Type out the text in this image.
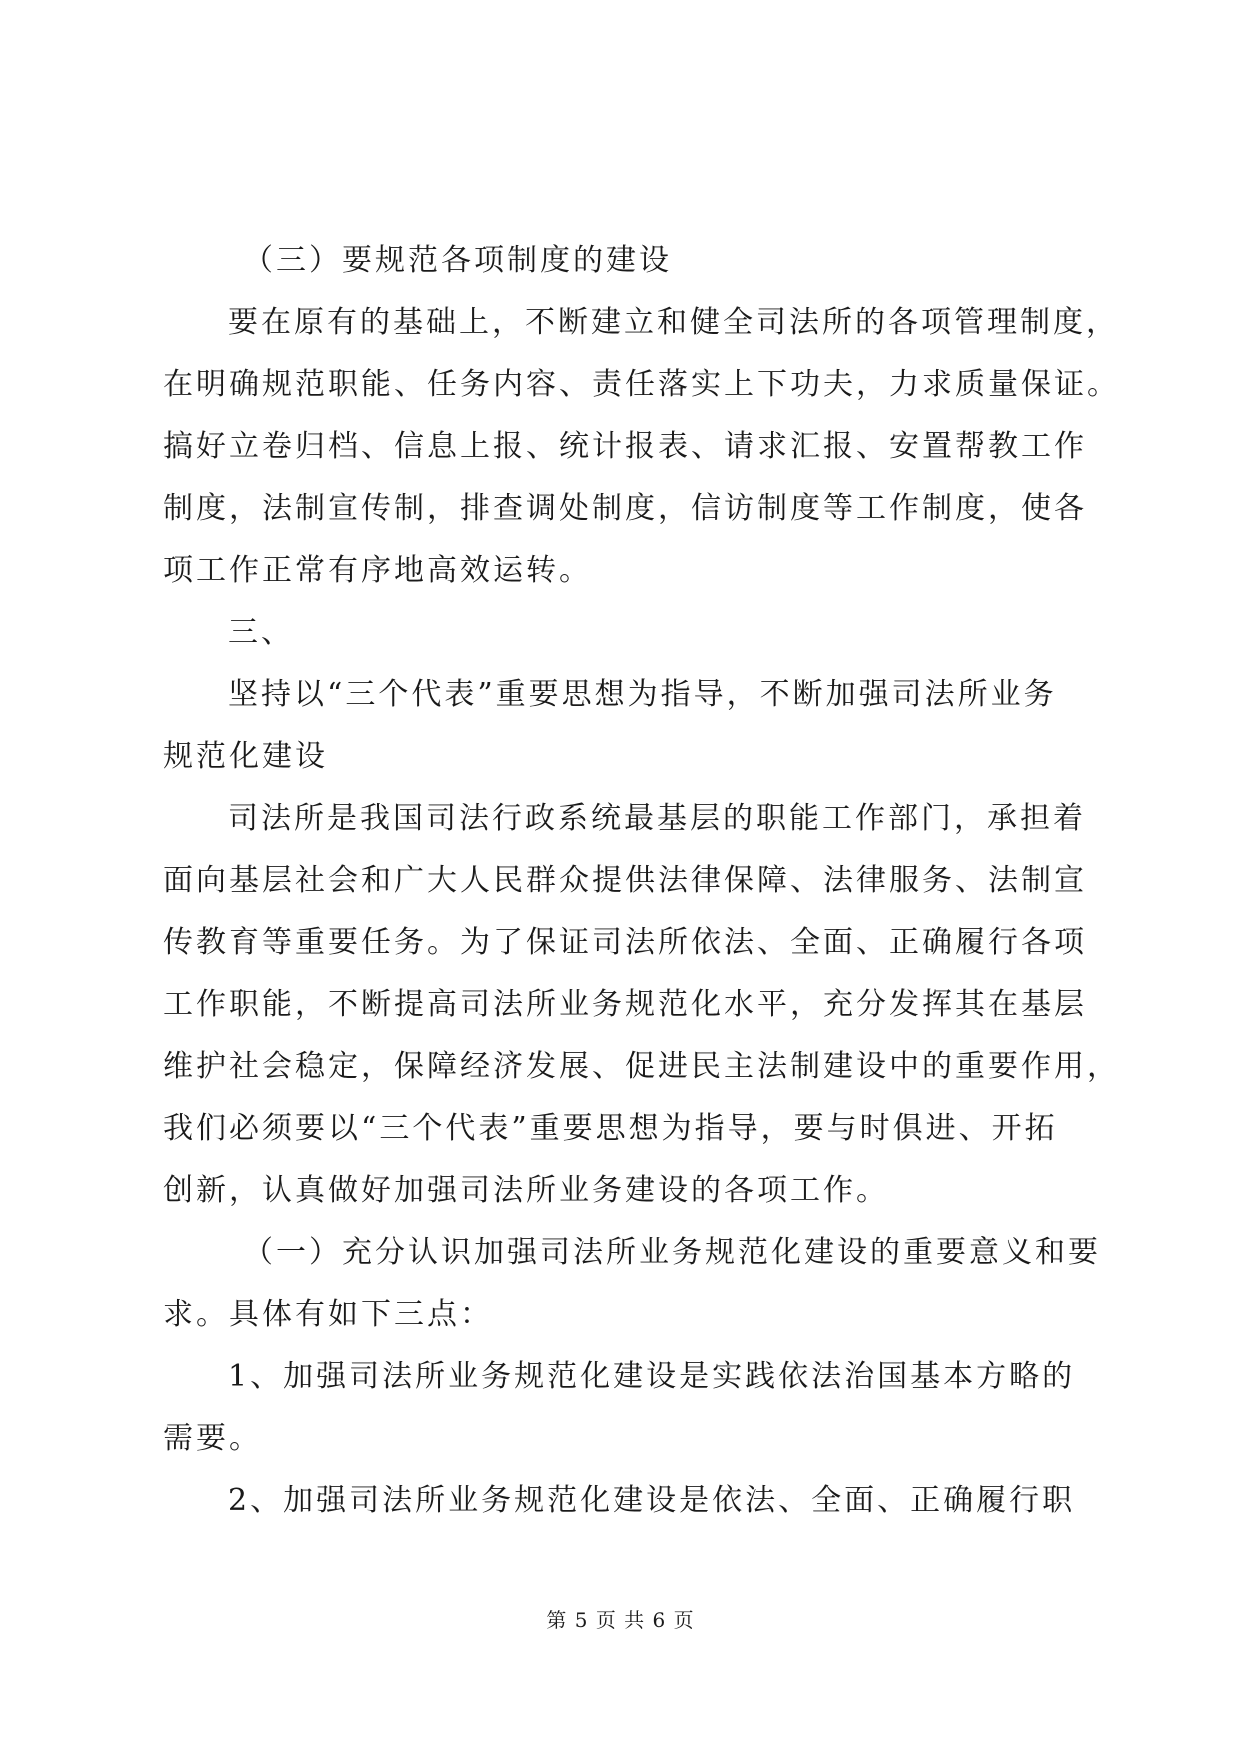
（三）要规范各项制度的建设
要在原有的基础上，不断建立和健全司法所的各项管理制度，
在明确规范职能、任务内容、责任落实上下功夫，力求质量保证。
搞好立卷归档、信息上报、统计报表、请求汇报、安置帮教工作
制度，法制宣传制，排查调处制度，信访制度等工作制度，使各
项工作正常有序地高效运转。
三、
坚持以“三个代表”重要思想为指导，不断加强司法所业务
规范化建设
司法所是我国司法行政系统最基层的职能工作部门，承担着
面向基层社会和广大人民群众提供法律保障、法律服务、法制宣
传教育等重要任务。为了保证司法所依法、全面、正确履行各项
工作职能，不断提高司法所业务规范化水平，充分发挥其在基层
维护社会稳定，保障经济发展、促进民主法制建设中的重要作用，
我们必须要以“三个代表”重要思想为指导，要与时俱进、开拓
创新，认真做好加强司法所业务建设的各项工作。
（一）充分认识加强司法所业务规范化建设的重要意义和要
求。具体有如下三点：
1、加强司法所业务规范化建设是实践依法治国基本方略的
需要。
2、加强司法所业务规范化建设是依法、全面、正确履行职
第 5 页 共 6 页
